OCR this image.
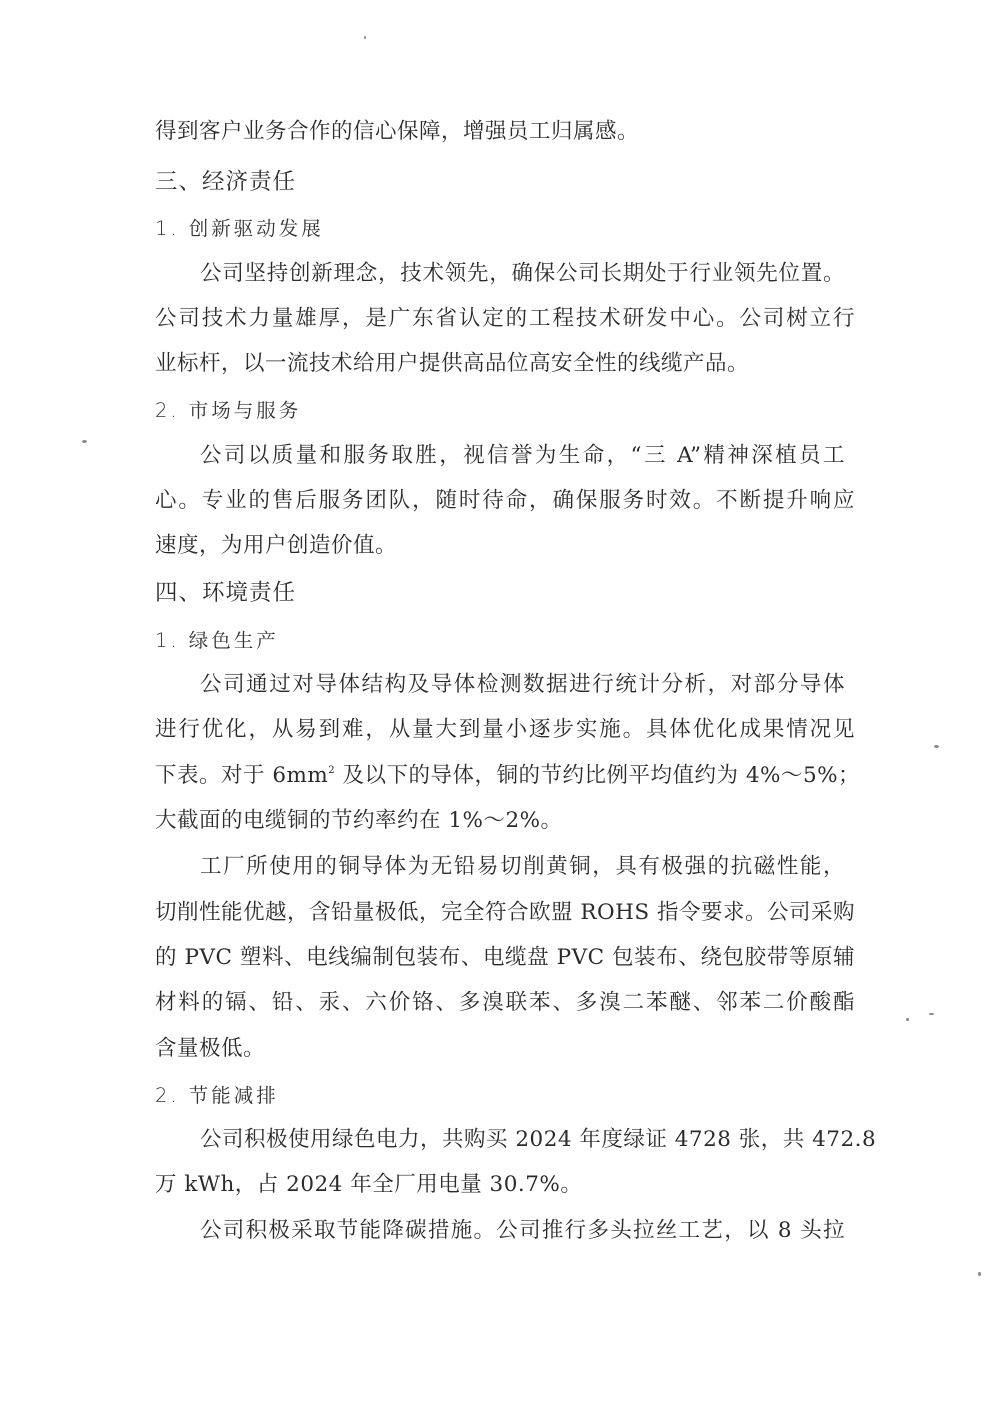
得到客户业务合作的信心保障，增强员工归属感。
三、经济责任
1. 创新驱动发展
公司坚持创新理念，技术领先，确保公司长期处于行业领先位置。
公司技术力量雄厚，是广东省认定的工程技术研发中心。公司树立行
业标杆，以一流技术给用户提供高品位高安全性的线缆产品。
2. 市场与服务
公司以质量和服务取胜，视信誉为生命，“三 A”精神深植员工
心。专业的售后服务团队，随时待命，确保服务时效。不断提升响应
速度，为用户创造价值。
四、环境责任
1. 绿色生产
公司通过对导体结构及导体检测数据进行统计分析，对部分导体
进行优化，从易到难，从量大到量小逐步实施。具体优化成果情况见
下表。对于 $6mm^2$ 及以下的导体，铜的节约比例平均值约为 4%～5%；
大截面的电缆铜的节约率约在 1%～2%。
工厂所使用的铜导体为无铅易切削黄铜，具有极强的抗磁性能，
切削性能优越，含铅量极低，完全符合欧盟 ROHS 指令要求。公司采购
的 PVC 塑料、电线编制包装布、电缆盘 PVC 包装布、绕包胶带等原辅
材料的镉、铅、汞、六价铬、多溴联苯、多溴二苯醚、邻苯二价酸酯
含量极低。
2. 节能减排
公司积极使用绿色电力，共购买 2024 年度绿证 4728 张，共 472.8
万 kWh，占 2024 年全厂用电量 30.7%。
公司积极采取节能降碳措施。公司推行多头拉丝工艺，以 8 头拉
